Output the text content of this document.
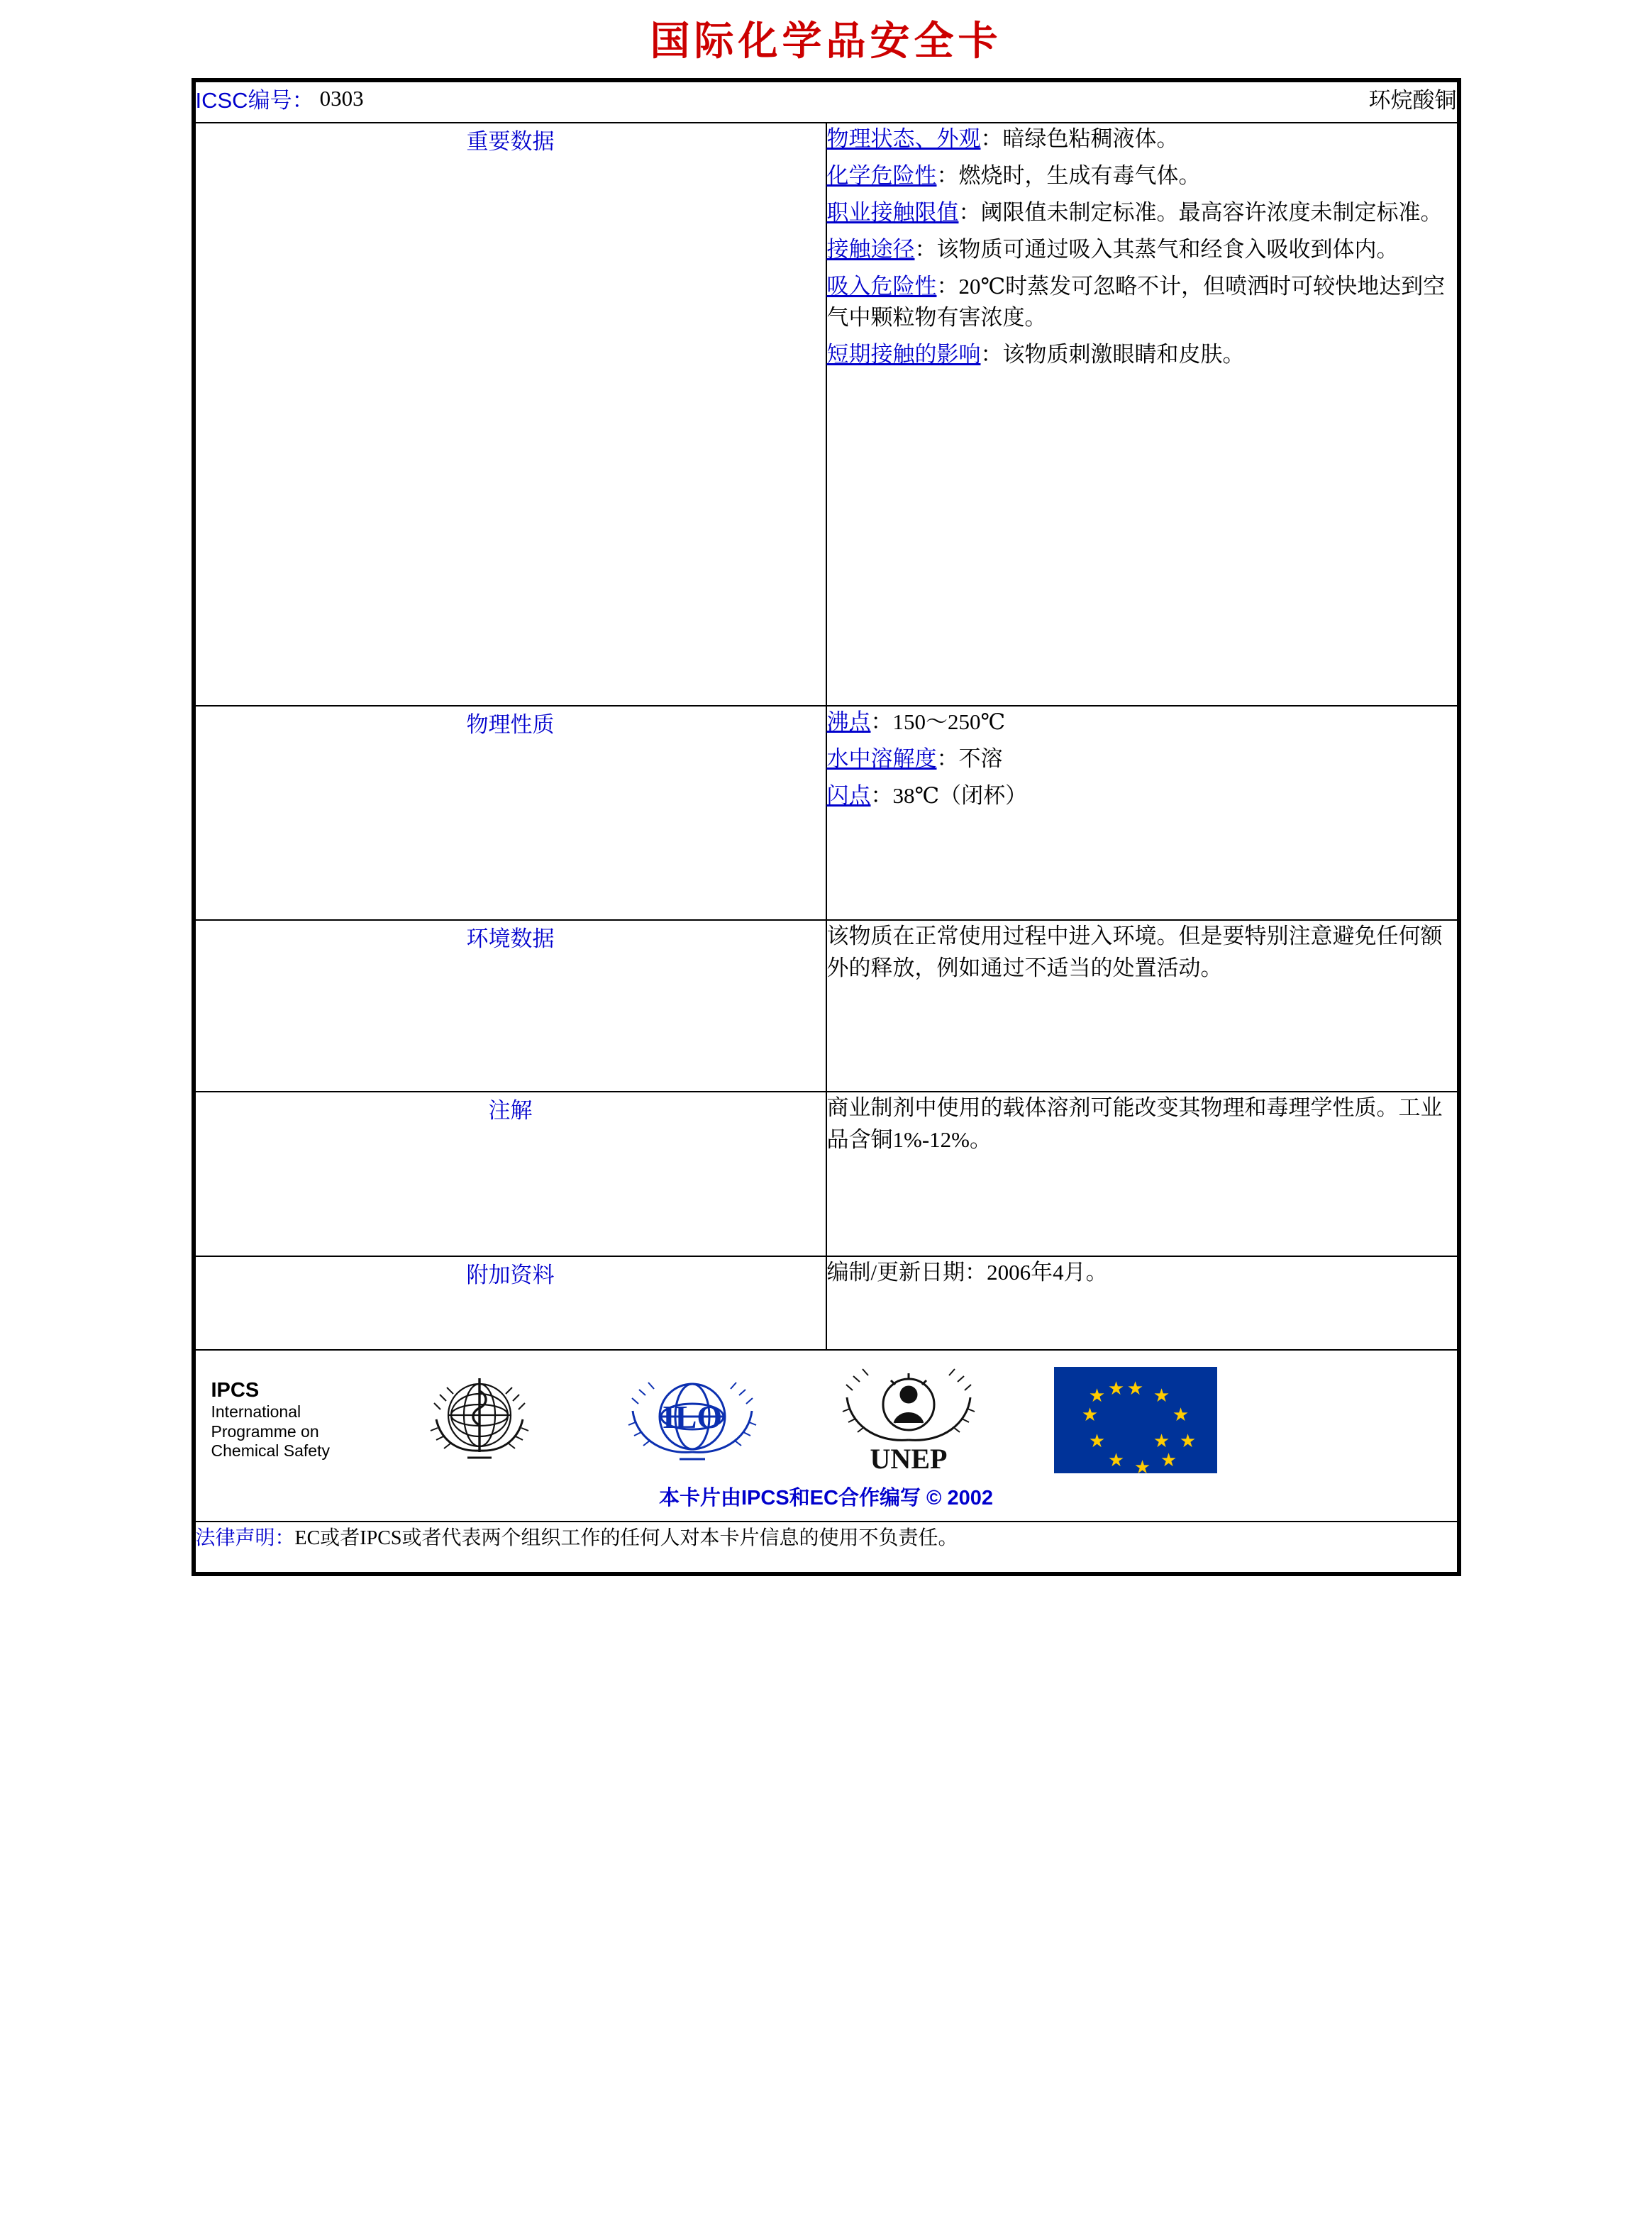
国际化学品安全卡
ICSC编号： 0303 环烷酸铜	

重要数据	物理状态、外观：暗绿色粘稠液体。

化学危险性：燃烧时，生成有毒气体。

职业接触限值：阈限值未制定标准。最高容许浓度未制定标准。

接触途径：该物质可通过吸入其蒸气和经食入吸收到体内。

吸入危险性：20℃时蒸发可忽略不计，但喷洒时可较快地达到空气中颗粒物有害浓度。

短期接触的影响：该物质刺激眼睛和皮肤。

物理性质	沸点：150～250℃

水中溶解度：不溶

闪点：38℃（闭杯）

环境数据	该物质在正常使用过程中进入环境。但是要特别注意避免任何额外的释放，例如通过不适当的处置活动。

注解	商业制剂中使用的载体溶剂可能改变其物理和毒理学性质。工业品含铜1%-12%。

附加资料	编制/更新日期：2006年4月。

IPCS
International
Programme on
Chemical Safety
ILO
UNEP
★ ★
★
★
★
★
★
★
★
★ ★
★
本卡片由IPCS和EC合作编写 © 2002

法律声明：EC或者IPCS或者代表两个组织工作的任何人对本卡片信息的使用不负责任。	
